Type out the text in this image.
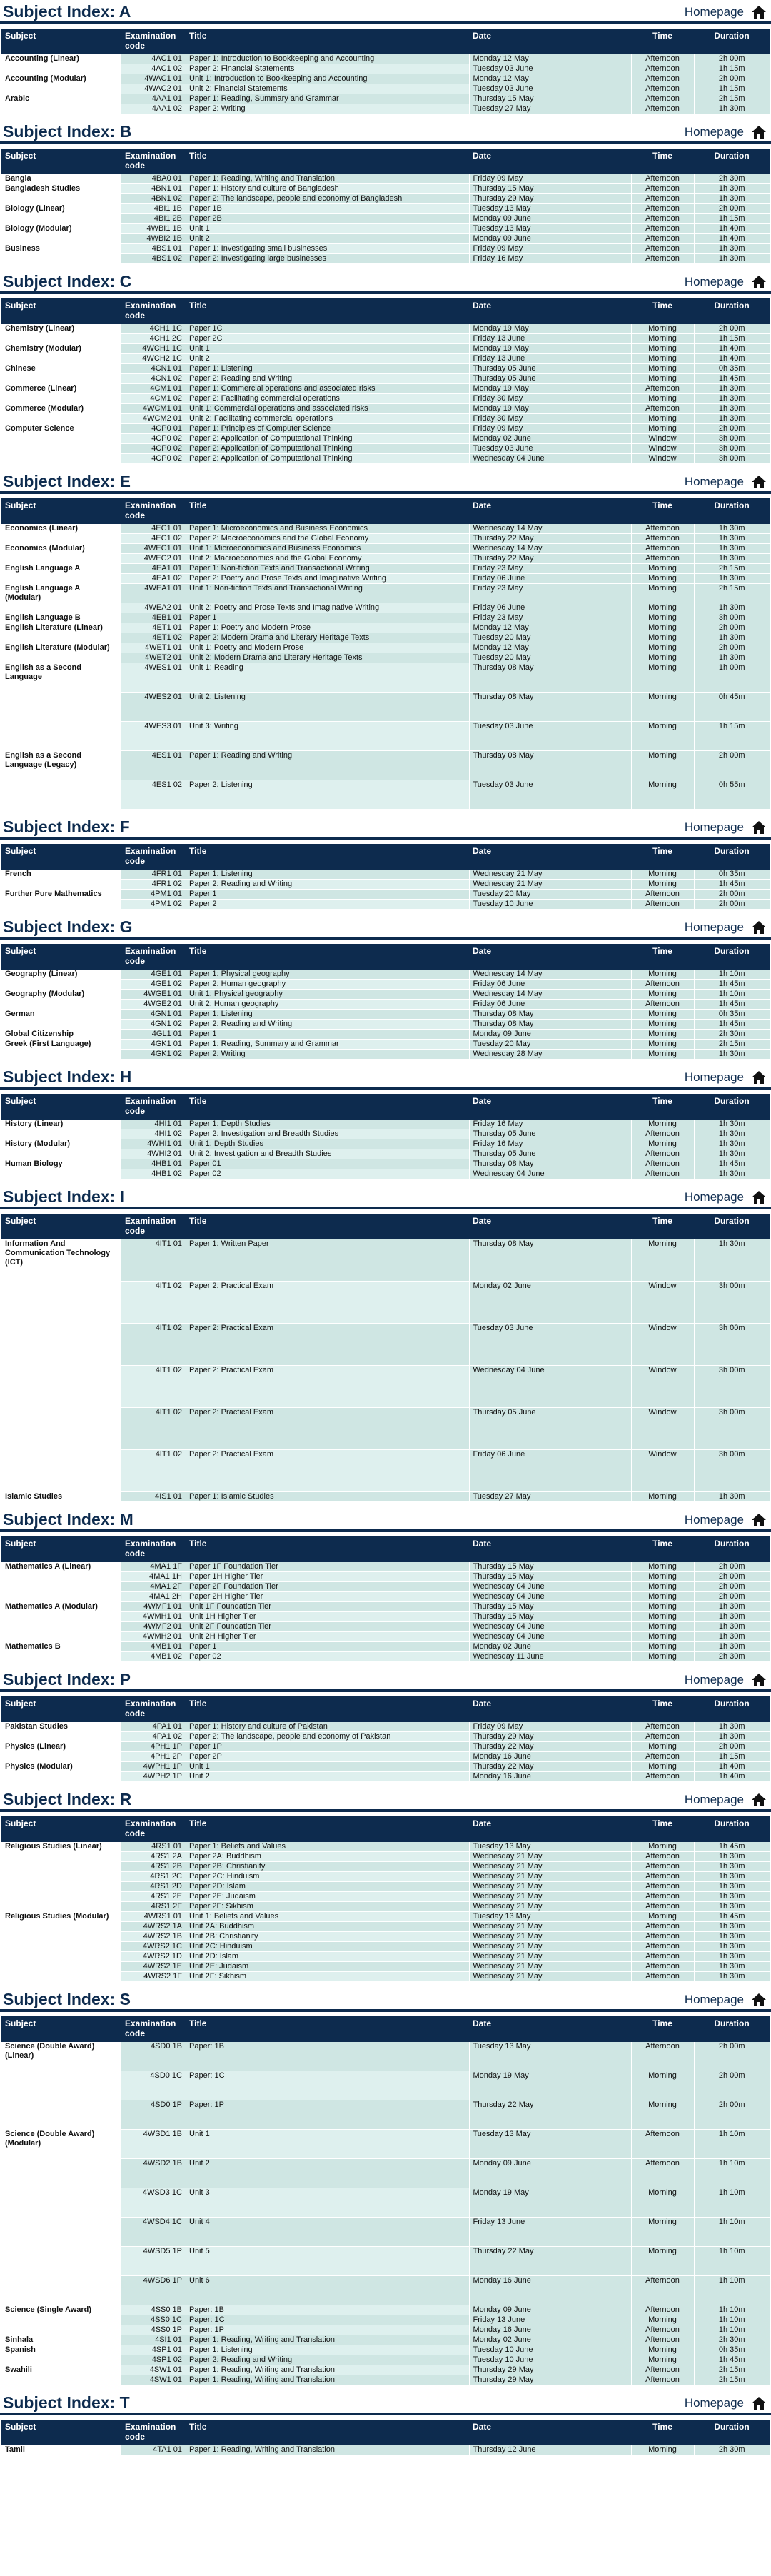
Subject Index: A	Homepage
Subject	Examination code	Title	Date	Time	Duration
Accounting (Linear)	4AC1 01	Paper 1: Introduction to Bookkeeping and Accounting	Monday 12 May	Afternoon	2h 00m
	4AC1 02	Paper 2: Financial Statements	Tuesday 03 June	Afternoon	1h 15m
Accounting (Modular)	4WAC1 01	Unit 1: Introduction to Bookkeeping and Accounting	Monday 12 May	Afternoon	2h 00m
	4WAC2 01	Unit 2: Financial Statements	Tuesday 03 June	Afternoon	1h 15m
Arabic	4AA1 01	Paper 1: Reading, Summary and Grammar	Thursday 15 May	Afternoon	2h 15m
	4AA1 02	Paper 2: Writing	Tuesday 27 May	Afternoon	1h 30m
Subject Index: B	Homepage
Subject	Examination code	Title	Date	Time	Duration
Bangla	4BA0 01	Paper 1: Reading, Writing and Translation	Friday 09 May	Afternoon	2h 30m
Bangladesh Studies	4BN1 01	Paper 1: History and culture of Bangladesh	Thursday 15 May	Afternoon	1h 30m
	4BN1 02	Paper 2: The landscape, people and economy of Bangladesh	Thursday 29 May	Afternoon	1h 30m
Biology (Linear)	4BI1 1B	Paper 1B	Tuesday 13 May	Afternoon	2h 00m
	4BI1 2B	Paper 2B	Monday 09 June	Afternoon	1h 15m
Biology (Modular)	4WBI1 1B	Unit 1	Tuesday 13 May	Afternoon	1h 40m
	4WBI2 1B	Unit 2	Monday 09 June	Afternoon	1h 40m
Business	4BS1 01	Paper 1: Investigating small businesses	Friday 09 May	Afternoon	1h 30m
	4BS1 02	Paper 2: Investigating large businesses	Friday 16 May	Afternoon	1h 30m
Subject Index: C	Homepage
Subject	Examination code	Title	Date	Time	Duration
Chemistry (Linear)	4CH1 1C	Paper 1C	Monday 19 May	Morning	2h 00m
	4CH1 2C	Paper 2C	Friday 13 June	Morning	1h 15m
Chemistry (Modular)	4WCH1 1C	Unit 1	Monday 19 May	Morning	1h 40m
	4WCH2 1C	Unit 2	Friday 13 June	Morning	1h 40m
Chinese	4CN1 01	Paper 1: Listening	Thursday 05 June	Morning	0h 35m
	4CN1 02	Paper 2: Reading and Writing	Thursday 05 June	Morning	1h 45m
Commerce (Linear)	4CM1 01	Paper 1: Commercial operations and associated risks	Monday 19 May	Afternoon	1h 30m
	4CM1 02	Paper 2: Facilitating commercial operations	Friday 30 May	Morning	1h 30m
Commerce (Modular)	4WCM1 01	Unit 1: Commercial operations and associated risks	Monday 19 May	Afternoon	1h 30m
	4WCM2 01	Unit 2: Facilitating commercial operations	Friday 30 May	Morning	1h 30m
Computer Science	4CP0 01	Paper 1: Principles of Computer Science	Friday 09 May	Morning	2h 00m
	4CP0 02	Paper 2: Application of Computational Thinking	Monday 02 June	Window	3h 00m
	4CP0 02	Paper 2: Application of Computational Thinking	Tuesday 03 June	Window	3h 00m
	4CP0 02	Paper 2: Application of Computational Thinking	Wednesday 04 June	Window	3h 00m
Subject Index: E	Homepage
Subject	Examination code	Title	Date	Time	Duration
Economics (Linear)	4EC1 01	Paper 1: Microeconomics and Business Economics	Wednesday 14 May	Afternoon	1h 30m
	4EC1 02	Paper 2: Macroeconomics and the Global Economy	Thursday 22 May	Afternoon	1h 30m
Economics (Modular)	4WEC1 01	Unit 1: Microeconomics and Business Economics	Wednesday 14 May	Afternoon	1h 30m
	4WEC2 01	Unit 2: Macroeconomics and the Global Economy	Thursday 22 May	Afternoon	1h 30m
English Language A	4EA1 01	Paper 1: Non-fiction Texts and Transactional Writing	Friday 23 May	Morning	2h 15m
	4EA1 02	Paper 2: Poetry and Prose Texts and Imaginative Writing	Friday 06 June	Morning	1h 30m
English Language A (Modular)	4WEA1 01	Unit 1: Non-fiction Texts and Transactional Writing	Friday 23 May	Morning	2h 15m
	4WEA2 01	Unit 2: Poetry and Prose Texts and Imaginative Writing	Friday 06 June	Morning	1h 30m
English Language B	4EB1 01	Paper 1	Friday 23 May	Morning	3h 00m
English Literature (Linear)	4ET1 01	Paper 1: Poetry and Modern Prose	Monday 12 May	Morning	2h 00m
	4ET1 02	Paper 2: Modern Drama and Literary Heritage Texts	Tuesday 20 May	Morning	1h 30m
English Literature (Modular)	4WET1 01	Unit 1: Poetry and Modern Prose	Monday 12 May	Morning	2h 00m
	4WET2 01	Unit 2: Modern Drama and Literary Heritage Texts	Tuesday 20 May	Morning	1h 30m
English as a Second Language	4WES1 01	Unit 1: Reading	Thursday 08 May	Morning	1h 00m
	4WES2 01	Unit 2: Listening	Thursday 08 May	Morning	0h 45m
	4WES3 01	Unit 3: Writing	Tuesday 03 June	Morning	1h 15m
English as a Second Language (Legacy)	4ES1 01	Paper 1: Reading and Writing	Thursday 08 May	Morning	2h 00m
	4ES1 02	Paper 2: Listening	Tuesday 03 June	Morning	0h 55m
Subject Index: F	Homepage
Subject	Examination code	Title	Date	Time	Duration
French	4FR1 01	Paper 1: Listening	Wednesday 21 May	Morning	0h 35m
	4FR1 02	Paper 2: Reading and Writing	Wednesday 21 May	Morning	1h 45m
Further Pure Mathematics	4PM1 01	Paper 1	Tuesday 20 May	Afternoon	2h 00m
	4PM1 02	Paper 2	Tuesday 10 June	Afternoon	2h 00m
Subject Index: G	Homepage
Subject	Examination code	Title	Date	Time	Duration
Geography (Linear)	4GE1 01	Paper 1: Physical geography	Wednesday 14 May	Morning	1h 10m
	4GE1 02	Paper 2: Human geography	Friday 06 June	Afternoon	1h 45m
Geography (Modular)	4WGE1 01	Unit 1: Physical geography	Wednesday 14 May	Morning	1h 10m
	4WGE2 01	Unit 2: Human geography	Friday 06 June	Afternoon	1h 45m
German	4GN1 01	Paper 1: Listening	Thursday 08 May	Morning	0h 35m
	4GN1 02	Paper 2: Reading and Writing	Thursday 08 May	Morning	1h 45m
Global Citizenship	4GL1 01	Paper 1	Monday 09 June	Morning	2h 30m
Greek (First Language)	4GK1 01	Paper 1: Reading, Summary and Grammar	Tuesday 20 May	Morning	2h 15m
	4GK1 02	Paper 2: Writing	Wednesday 28 May	Morning	1h 30m
Subject Index: H	Homepage
Subject	Examination code	Title	Date	Time	Duration
History (Linear)	4HI1 01	Paper 1: Depth Studies	Friday 16 May	Morning	1h 30m
	4HI1 02	Paper 2: Investigation and Breadth Studies	Thursday 05 June	Afternoon	1h 30m
History (Modular)	4WHI1 01	Unit 1: Depth Studies	Friday 16 May	Morning	1h 30m
	4WHI2 01	Unit 2: Investigation and Breadth Studies	Thursday 05 June	Afternoon	1h 30m
Human Biology	4HB1 01	Paper 01	Thursday 08 May	Afternoon	1h 45m
	4HB1 02	Paper 02	Wednesday 04 June	Afternoon	1h 30m
Subject Index: I	Homepage
Subject	Examination code	Title	Date	Time	Duration
Information And Communication Technology (ICT)	4IT1 01	Paper 1: Written Paper	Thursday 08 May	Morning	1h 30m
	4IT1 02	Paper 2: Practical Exam	Monday 02 June	Window	3h 00m
	4IT1 02	Paper 2: Practical Exam	Tuesday 03 June	Window	3h 00m
	4IT1 02	Paper 2: Practical Exam	Wednesday 04 June	Window	3h 00m
	4IT1 02	Paper 2: Practical Exam	Thursday 05 June	Window	3h 00m
	4IT1 02	Paper 2: Practical Exam	Friday 06 June	Window	3h 00m
Islamic Studies	4IS1 01	Paper 1: Islamic Studies	Tuesday 27 May	Morning	1h 30m
Subject Index: M	Homepage
Subject	Examination code	Title	Date	Time	Duration
Mathematics A (Linear)	4MA1 1F	Paper 1F Foundation Tier	Thursday 15 May	Morning	2h 00m
	4MA1 1H	Paper 1H Higher Tier	Thursday 15 May	Morning	2h 00m
	4MA1 2F	Paper 2F Foundation Tier	Wednesday 04 June	Morning	2h 00m
	4MA1 2H	Paper 2H Higher Tier	Wednesday 04 June	Morning	2h 00m
Mathematics A (Modular)	4WMF1 01	Unit 1F Foundation Tier	Thursday 15 May	Morning	1h 30m
	4WMH1 01	Unit 1H Higher Tier	Thursday 15 May	Morning	1h 30m
	4WMF2 01	Unit 2F Foundation Tier	Wednesday 04 June	Morning	1h 30m
	4WMH2 01	Unit 2H Higher Tier	Wednesday 04 June	Morning	1h 30m
Mathematics B	4MB1 01	Paper 1	Monday 02 June	Morning	1h 30m
	4MB1 02	Paper 02	Wednesday 11 June	Morning	2h 30m
Subject Index: P	Homepage
Subject	Examination code	Title	Date	Time	Duration
Pakistan Studies	4PA1 01	Paper 1: History and culture of Pakistan	Friday 09 May	Afternoon	1h 30m
	4PA1 02	Paper 2: The landscape, people and economy of Pakistan	Thursday 29 May	Afternoon	1h 30m
Physics (Linear)	4PH1 1P	Paper 1P	Thursday 22 May	Morning	2h 00m
	4PH1 2P	Paper 2P	Monday 16 June	Afternoon	1h 15m
Physics (Modular)	4WPH1 1P	Unit 1	Thursday 22 May	Morning	1h 40m
	4WPH2 1P	Unit 2	Monday 16 June	Afternoon	1h 40m
Subject Index: R	Homepage
Subject	Examination code	Title	Date	Time	Duration
Religious Studies (Linear)	4RS1 01	Paper 1: Beliefs and Values	Tuesday 13 May	Morning	1h 45m
	4RS1 2A	Paper 2A: Buddhism	Wednesday 21 May	Afternoon	1h 30m
	4RS1 2B	Paper 2B: Christianity	Wednesday 21 May	Afternoon	1h 30m
	4RS1 2C	Paper 2C: Hinduism	Wednesday 21 May	Afternoon	1h 30m
	4RS1 2D	Paper 2D: Islam	Wednesday 21 May	Afternoon	1h 30m
	4RS1 2E	Paper 2E: Judaism	Wednesday 21 May	Afternoon	1h 30m
	4RS1 2F	Paper 2F: Sikhism	Wednesday 21 May	Afternoon	1h 30m
Religious Studies (Modular)	4WRS1 01	Unit 1: Beliefs and Values	Tuesday 13 May	Morning	1h 45m
	4WRS2 1A	Unit 2A: Buddhism	Wednesday 21 May	Afternoon	1h 30m
	4WRS2 1B	Unit 2B: Christianity	Wednesday 21 May	Afternoon	1h 30m
	4WRS2 1C	Unit 2C: Hinduism	Wednesday 21 May	Afternoon	1h 30m
	4WRS2 1D	Unit 2D: Islam	Wednesday 21 May	Afternoon	1h 30m
	4WRS2 1E	Unit 2E: Judaism	Wednesday 21 May	Afternoon	1h 30m
	4WRS2 1F	Unit 2F: Sikhism	Wednesday 21 May	Afternoon	1h 30m
Subject Index: S	Homepage
Subject	Examination code	Title	Date	Time	Duration
Science (Double Award) (Linear)	4SD0 1B	Paper: 1B	Tuesday 13 May	Afternoon	2h 00m
	4SD0 1C	Paper: 1C	Monday 19 May	Morning	2h 00m
	4SD0 1P	Paper: 1P	Thursday 22 May	Morning	2h 00m
Science (Double Award) (Modular)	4WSD1 1B	Unit 1	Tuesday 13 May	Afternoon	1h 10m
	4WSD2 1B	Unit 2	Monday 09 June	Afternoon	1h 10m
	4WSD3 1C	Unit 3	Monday 19 May	Morning	1h 10m
	4WSD4 1C	Unit 4	Friday 13 June	Morning	1h 10m
	4WSD5 1P	Unit 5	Thursday 22 May	Morning	1h 10m
	4WSD6 1P	Unit 6	Monday 16 June	Afternoon	1h 10m
Science (Single Award)	4SS0 1B	Paper: 1B	Monday 09 June	Afternoon	1h 10m
	4SS0 1C	Paper: 1C	Friday 13 June	Morning	1h 10m
	4SS0 1P	Paper: 1P	Monday 16 June	Afternoon	1h 10m
Sinhala	4SI1 01	Paper 1: Reading, Writing and Translation	Monday 02 June	Afternoon	2h 30m
Spanish	4SP1 01	Paper 1: Listening	Tuesday 10 June	Morning	0h 35m
	4SP1 02	Paper 2: Reading and Writing	Tuesday 10 June	Morning	1h 45m
Swahili	4SW1 01	Paper 1: Reading, Writing and Translation	Thursday 29 May	Afternoon	2h 15m
	4SW1 01	Paper 1: Reading, Writing and Translation	Thursday 29 May	Afternoon	2h 15m
Subject Index: T	Homepage
Subject	Examination code	Title	Date	Time	Duration
Tamil	4TA1 01	Paper 1: Reading, Writing and Translation	Thursday 12 June	Morning	2h 30m
